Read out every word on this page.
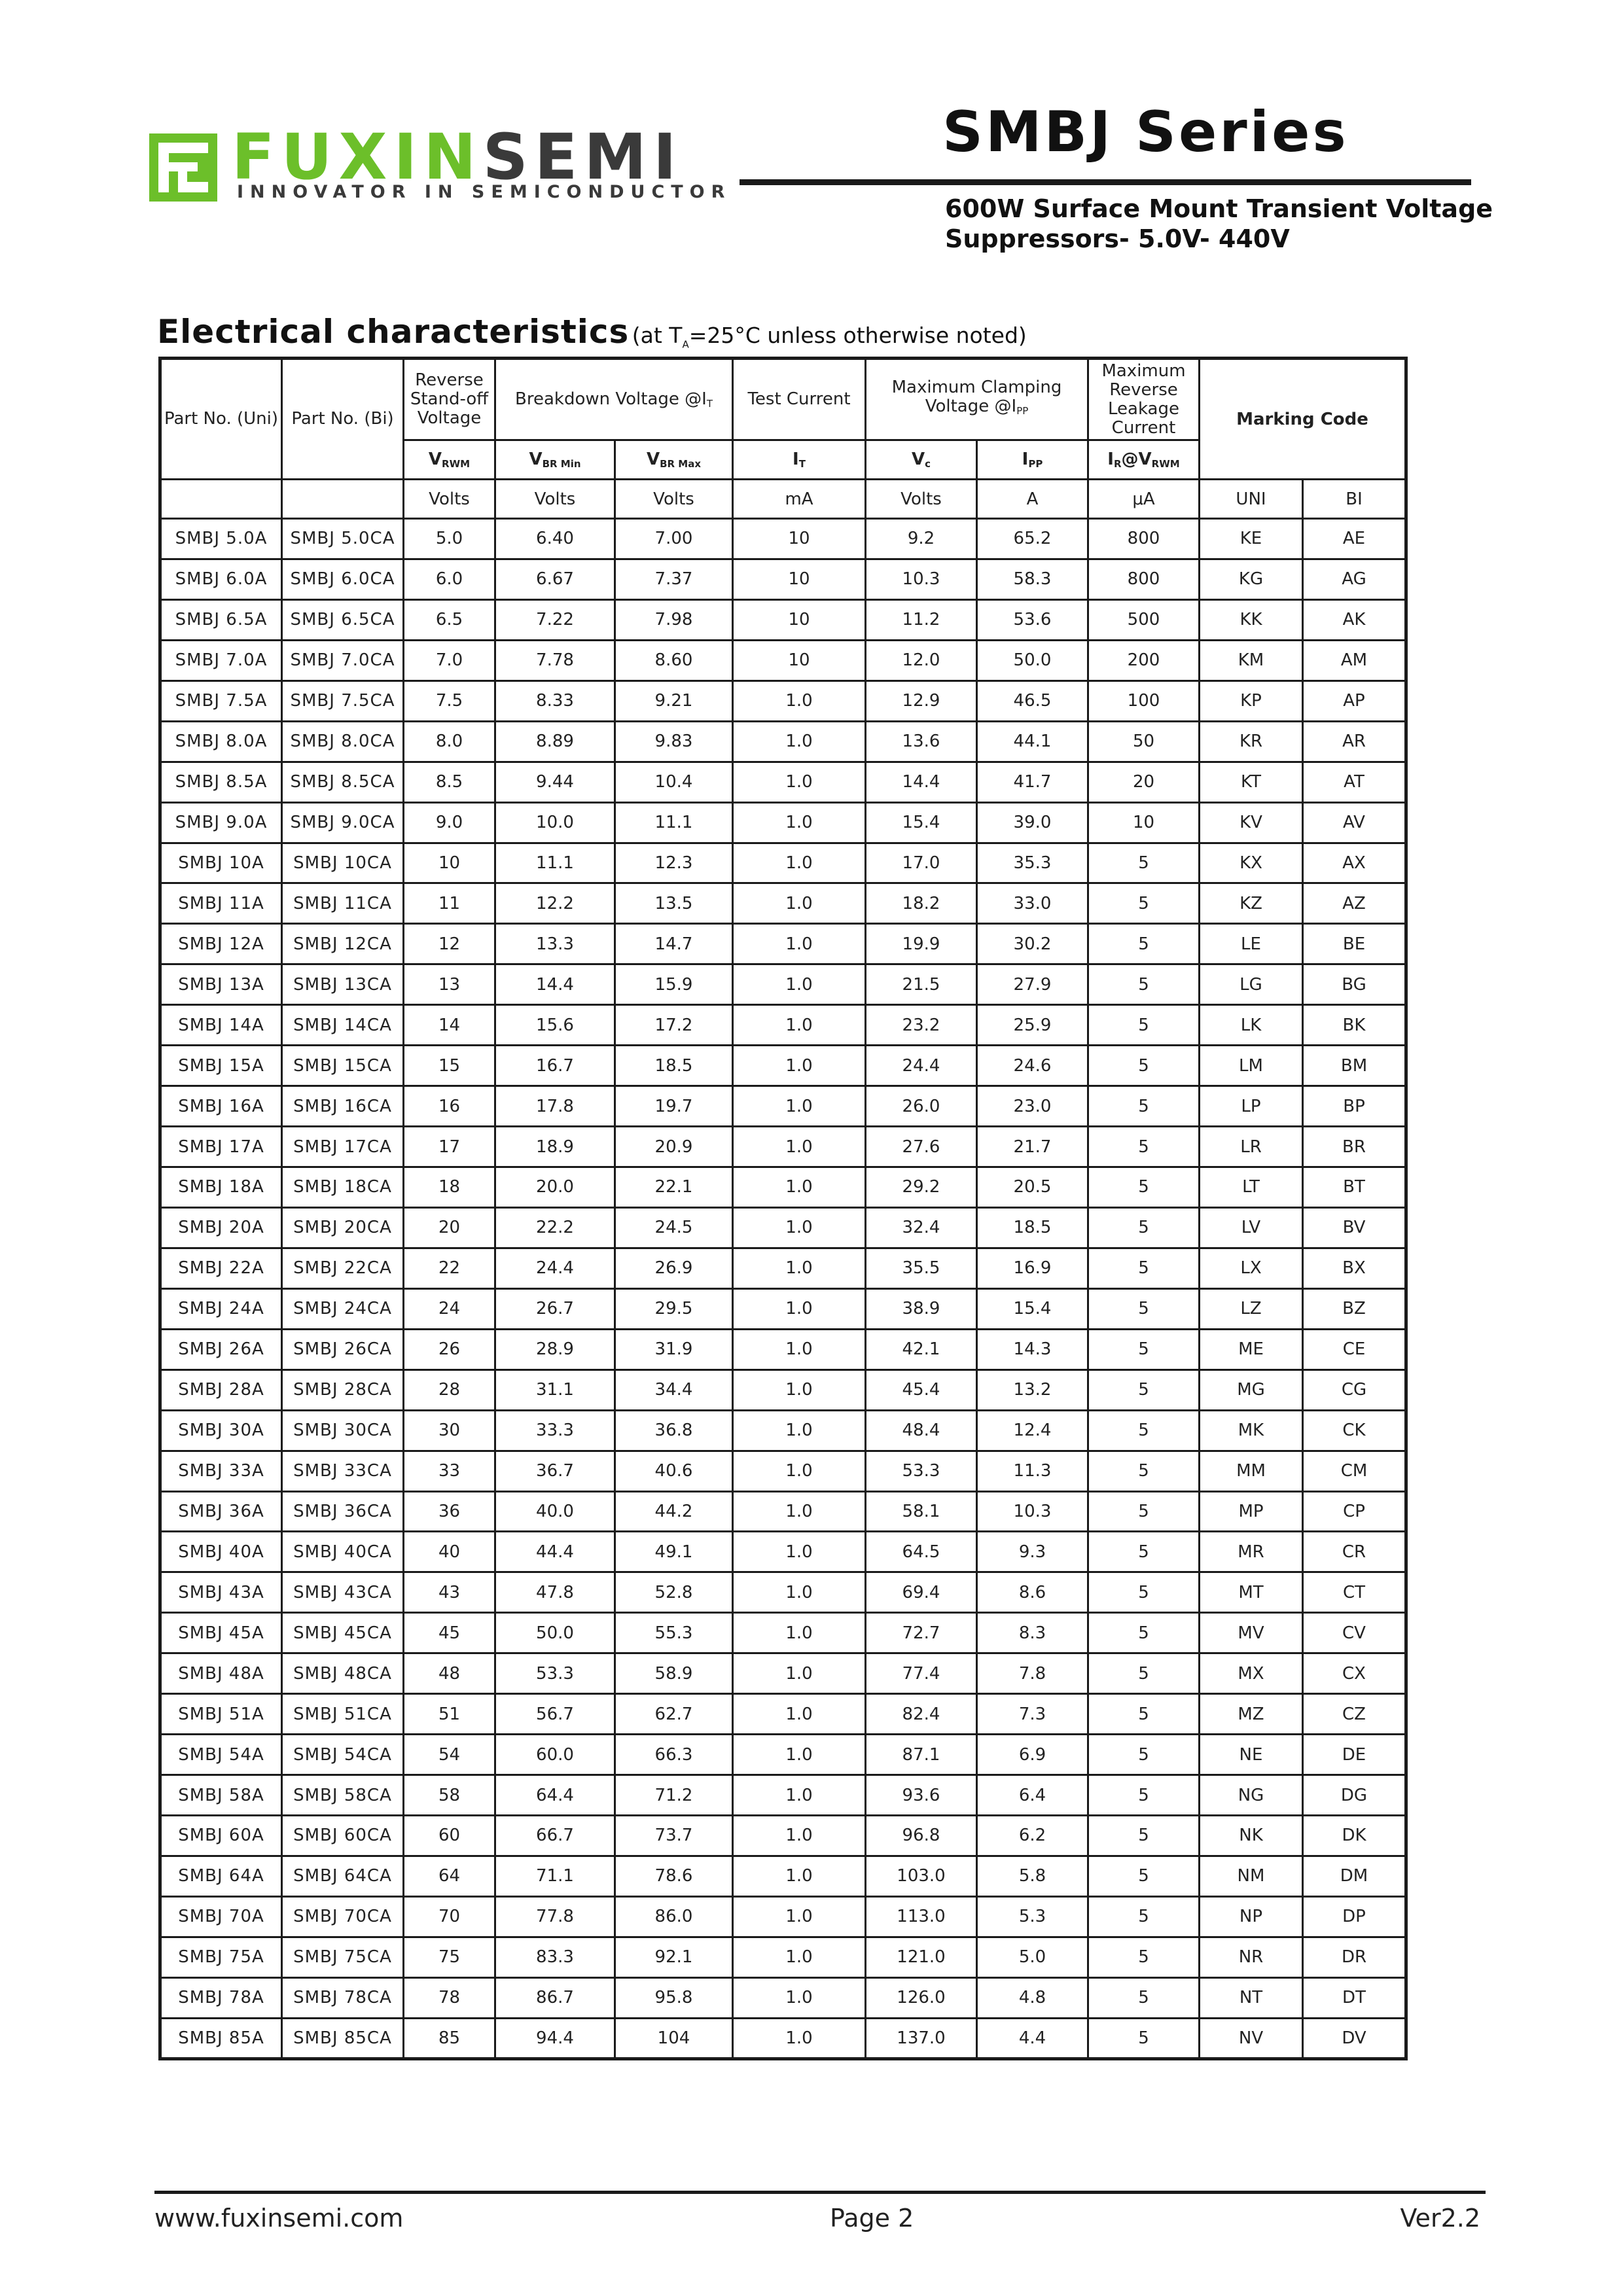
FUXINSEMI
INNOVATOR IN SEMICONDUCTOR
SMBJ Series
600W Surface Mount Transient Voltage
Suppressors- 5.0V- 440V
Electrical characteristics (at $T_A=25^\circ C$ unless otherwise noted)
Part No. (Uni)	Part No. (Bi)	Reverse Stand-off Voltage	Breakdown Voltage $@I_T$		Test Current	Maximum Clamping Voltage $@I_{PP}$		Maximum Reverse Leakage Current	Marking Code	
		$V_{RWM}$	$V_{BR Min}$	$V_{BR Max}$	$I_T$	$V_c$	$I_{PP}$	$I_R@V_{RWM}$
		Volts	Volts	Volts	mA	Volts	A	μA	UNI	BI
SMBJ 5.0A	SMBJ 5.0CA	5.0	6.40	7.00	10	9.2	65.2	800	KE	AE
SMBJ 6.0A	SMBJ 6.0CA	6.0	6.67	7.37	10	10.3	58.3	800	KG	AG
SMBJ 6.5A	SMBJ 6.5CA	6.5	7.22	7.98	10	11.2	53.6	500	KK	AK
SMBJ 7.0A	SMBJ 7.0CA	7.0	7.78	8.60	10	12.0	50.0	200	KM	AM
SMBJ 7.5A	SMBJ 7.5CA	7.5	8.33	9.21	1.0	12.9	46.5	100	KP	AP
SMBJ 8.0A	SMBJ 8.0CA	8.0	8.89	9.83	1.0	13.6	44.1	50	KR	AR
SMBJ 8.5A	SMBJ 8.5CA	8.5	9.44	10.4	1.0	14.4	41.7	20	KT	AT
SMBJ 9.0A	SMBJ 9.0CA	9.0	10.0	11.1	1.0	15.4	39.0	10	KV	AV
SMBJ 10A	SMBJ 10CA	10	11.1	12.3	1.0	17.0	35.3	5	KX	AX
SMBJ 11A	SMBJ 11CA	11	12.2	13.5	1.0	18.2	33.0	5	KZ	AZ
SMBJ 12A	SMBJ 12CA	12	13.3	14.7	1.0	19.9	30.2	5	LE	BE
SMBJ 13A	SMBJ 13CA	13	14.4	15.9	1.0	21.5	27.9	5	LG	BG
SMBJ 14A	SMBJ 14CA	14	15.6	17.2	1.0	23.2	25.9	5	LK	BK
SMBJ 15A	SMBJ 15CA	15	16.7	18.5	1.0	24.4	24.6	5	LM	BM
SMBJ 16A	SMBJ 16CA	16	17.8	19.7	1.0	26.0	23.0	5	LP	BP
SMBJ 17A	SMBJ 17CA	17	18.9	20.9	1.0	27.6	21.7	5	LR	BR
SMBJ 18A	SMBJ 18CA	18	20.0	22.1	1.0	29.2	20.5	5	LT	BT
SMBJ 20A	SMBJ 20CA	20	22.2	24.5	1.0	32.4	18.5	5	LV	BV
SMBJ 22A	SMBJ 22CA	22	24.4	26.9	1.0	35.5	16.9	5	LX	BX
SMBJ 24A	SMBJ 24CA	24	26.7	29.5	1.0	38.9	15.4	5	LZ	BZ
SMBJ 26A	SMBJ 26CA	26	28.9	31.9	1.0	42.1	14.3	5	ME	CE
SMBJ 28A	SMBJ 28CA	28	31.1	34.4	1.0	45.4	13.2	5	MG	CG
SMBJ 30A	SMBJ 30CA	30	33.3	36.8	1.0	48.4	12.4	5	MK	CK
SMBJ 33A	SMBJ 33CA	33	36.7	40.6	1.0	53.3	11.3	5	MM	CM
SMBJ 36A	SMBJ 36CA	36	40.0	44.2	1.0	58.1	10.3	5	MP	CP
SMBJ 40A	SMBJ 40CA	40	44.4	49.1	1.0	64.5	9.3	5	MR	CR
SMBJ 43A	SMBJ 43CA	43	47.8	52.8	1.0	69.4	8.6	5	MT	CT
SMBJ 45A	SMBJ 45CA	45	50.0	55.3	1.0	72.7	8.3	5	MV	CV
SMBJ 48A	SMBJ 48CA	48	53.3	58.9	1.0	77.4	7.8	5	MX	CX
SMBJ 51A	SMBJ 51CA	51	56.7	62.7	1.0	82.4	7.3	5	MZ	CZ
SMBJ 54A	SMBJ 54CA	54	60.0	66.3	1.0	87.1	6.9	5	NE	DE
SMBJ 58A	SMBJ 58CA	58	64.4	71.2	1.0	93.6	6.4	5	NG	DG
SMBJ 60A	SMBJ 60CA	60	66.7	73.7	1.0	96.8	6.2	5	NK	DK
SMBJ 64A	SMBJ 64CA	64	71.1	78.6	1.0	103.0	5.8	5	NM	DM
SMBJ 70A	SMBJ 70CA	70	77.8	86.0	1.0	113.0	5.3	5	NP	DP
SMBJ 75A	SMBJ 75CA	75	83.3	92.1	1.0	121.0	5.0	5	NR	DR
SMBJ 78A	SMBJ 78CA	78	86.7	95.8	1.0	126.0	4.8	5	NT	DT
SMBJ 85A	SMBJ 85CA	85	94.4	104	1.0	137.0	4.4	5	NV	DV
www.fuxinsemi.com	Page 2	Ver2.2
